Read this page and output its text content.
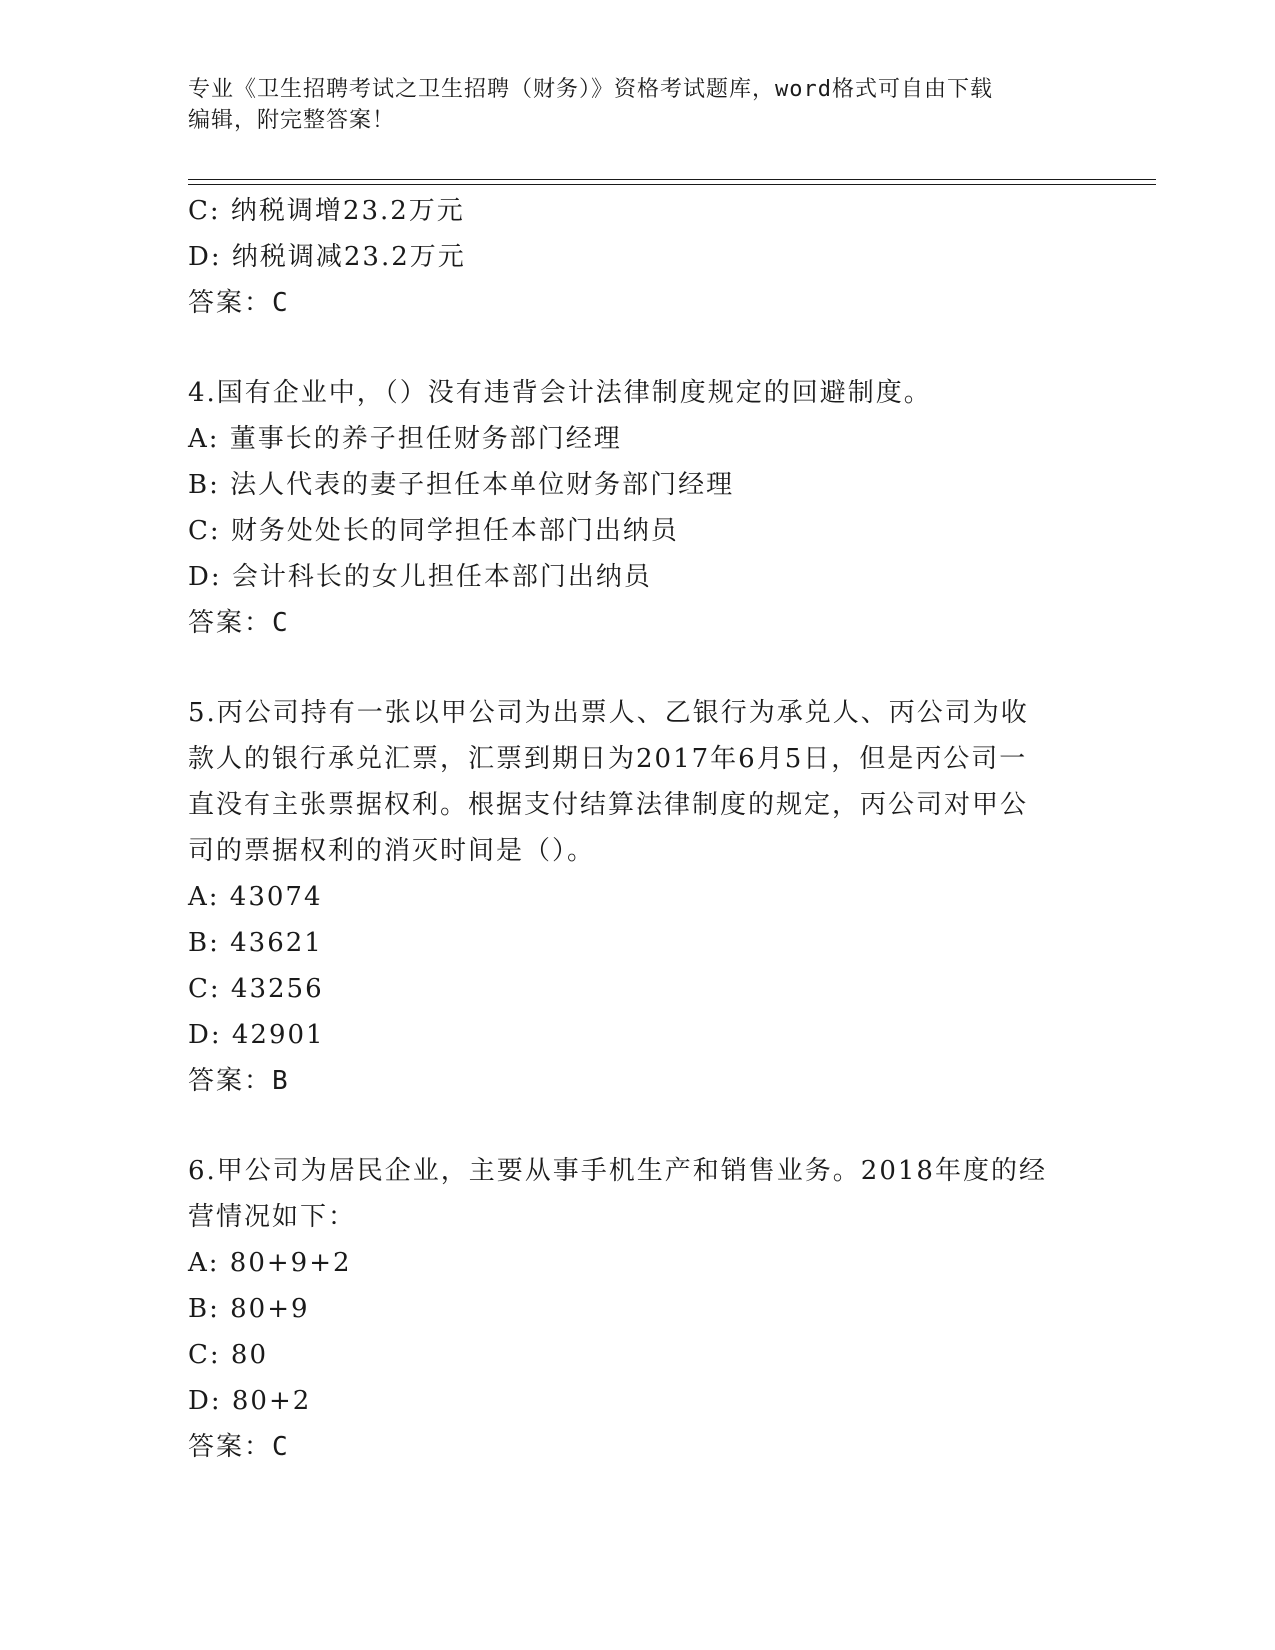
专业《卫生招聘考试之卫生招聘（财务）》资格考试题库，word格式可自由下载
编辑，附完整答案！
C: 纳税调增23.2万元
D: 纳税调减23.2万元
答案：C
4.国有企业中，（）没有违背会计法律制度规定的回避制度。
A: 董事长的养子担任财务部门经理
B: 法人代表的妻子担任本单位财务部门经理
C: 财务处处长的同学担任本部门出纳员
D: 会计科长的女儿担任本部门出纳员
答案：C
5.丙公司持有一张以甲公司为出票人、乙银行为承兑人、丙公司为收
款人的银行承兑汇票，汇票到期日为2017年6月5日，但是丙公司一
直没有主张票据权利。根据支付结算法律制度的规定，丙公司对甲公
司的票据权利的消灭时间是（）。
A: 43074
B: 43621
C: 43256
D: 42901
答案：B
6.甲公司为居民企业，主要从事手机生产和销售业务。2018年度的经
营情况如下：
A: 80+9+2
B: 80+9
C: 80
D: 80+2
答案：C
